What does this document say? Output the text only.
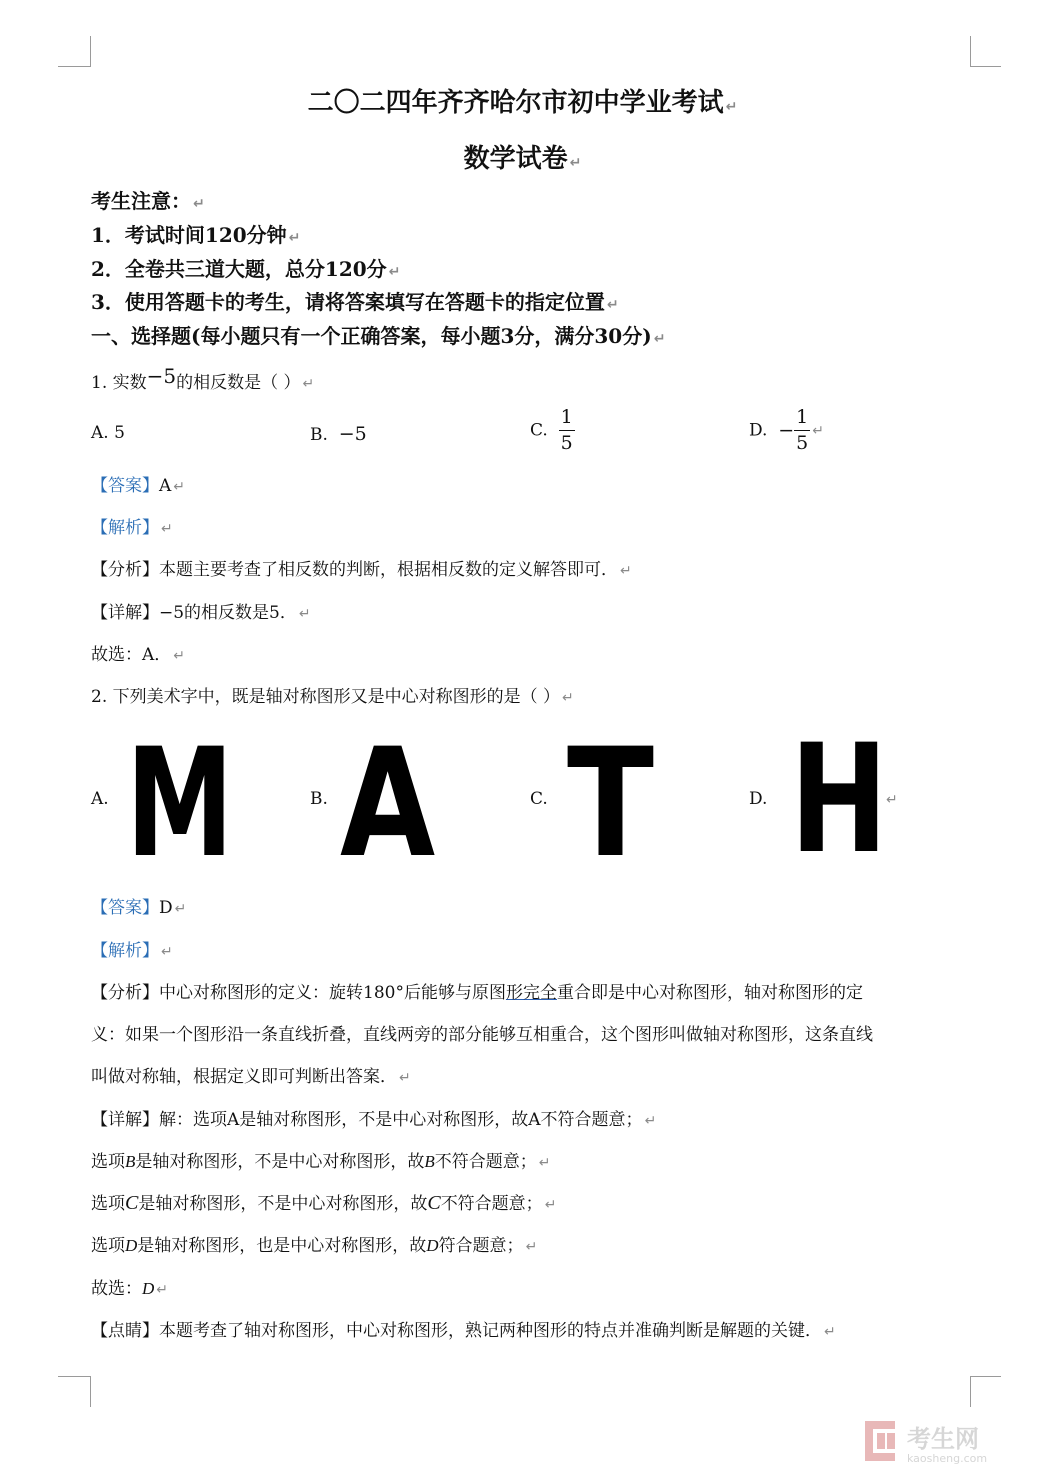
二〇二四年齐齐哈尔市初中学业考试 ↵
数学试卷 ↵
考生注意： ↵
1．考试时间120分钟 ↵
2．全卷共三道大题，总分120分 ↵
3．使用答题卡的考生，请将答案填写在答题卡的指定位置 ↵
一、选择题(每小题只有一个正确答案，每小题3分，满分30分) ↵
1. 实数−5的相反数是（ ） ↵
A. 5	B. −5	C. $\frac{1}{5}$	D. − $\frac{1}{5}$ ↵
【答案】A ↵
【解析】 ↵
【分析】本题主要考查了相反数的判断，根据相反数的定义解答即可． ↵
【详解】−5的相反数是5． ↵
故选：A． ↵
2. 下列美术字中，既是轴对称图形又是中心对称图形的是（ ） ↵
A. M	B. A	C. T	D. H
↵
【答案】D ↵
【解析】 ↵
【分析】中心对称图形的定义：旋转180°后能够与原图形完全重合即是中心对称图形，轴对称图形的定
义：如果一个图形沿一条直线折叠，直线两旁的部分能够互相重合，这个图形叫做轴对称图形，这条直线
叫做对称轴，根据定义即可判断出答案． ↵
【详解】解：选项A是轴对称图形，不是中心对称图形，故A不符合题意； ↵
选项B是轴对称图形，不是中心对称图形，故B不符合题意； ↵
选项C是轴对称图形，不是中心对称图形，故C不符合题意； ↵
选项D是轴对称图形，也是中心对称图形，故D符合题意； ↵
故选：D ↵
【点睛】本题考查了轴对称图形，中心对称图形，熟记两种图形的特点并准确判断是解题的关键． ↵
考生网
kaosheng.com
